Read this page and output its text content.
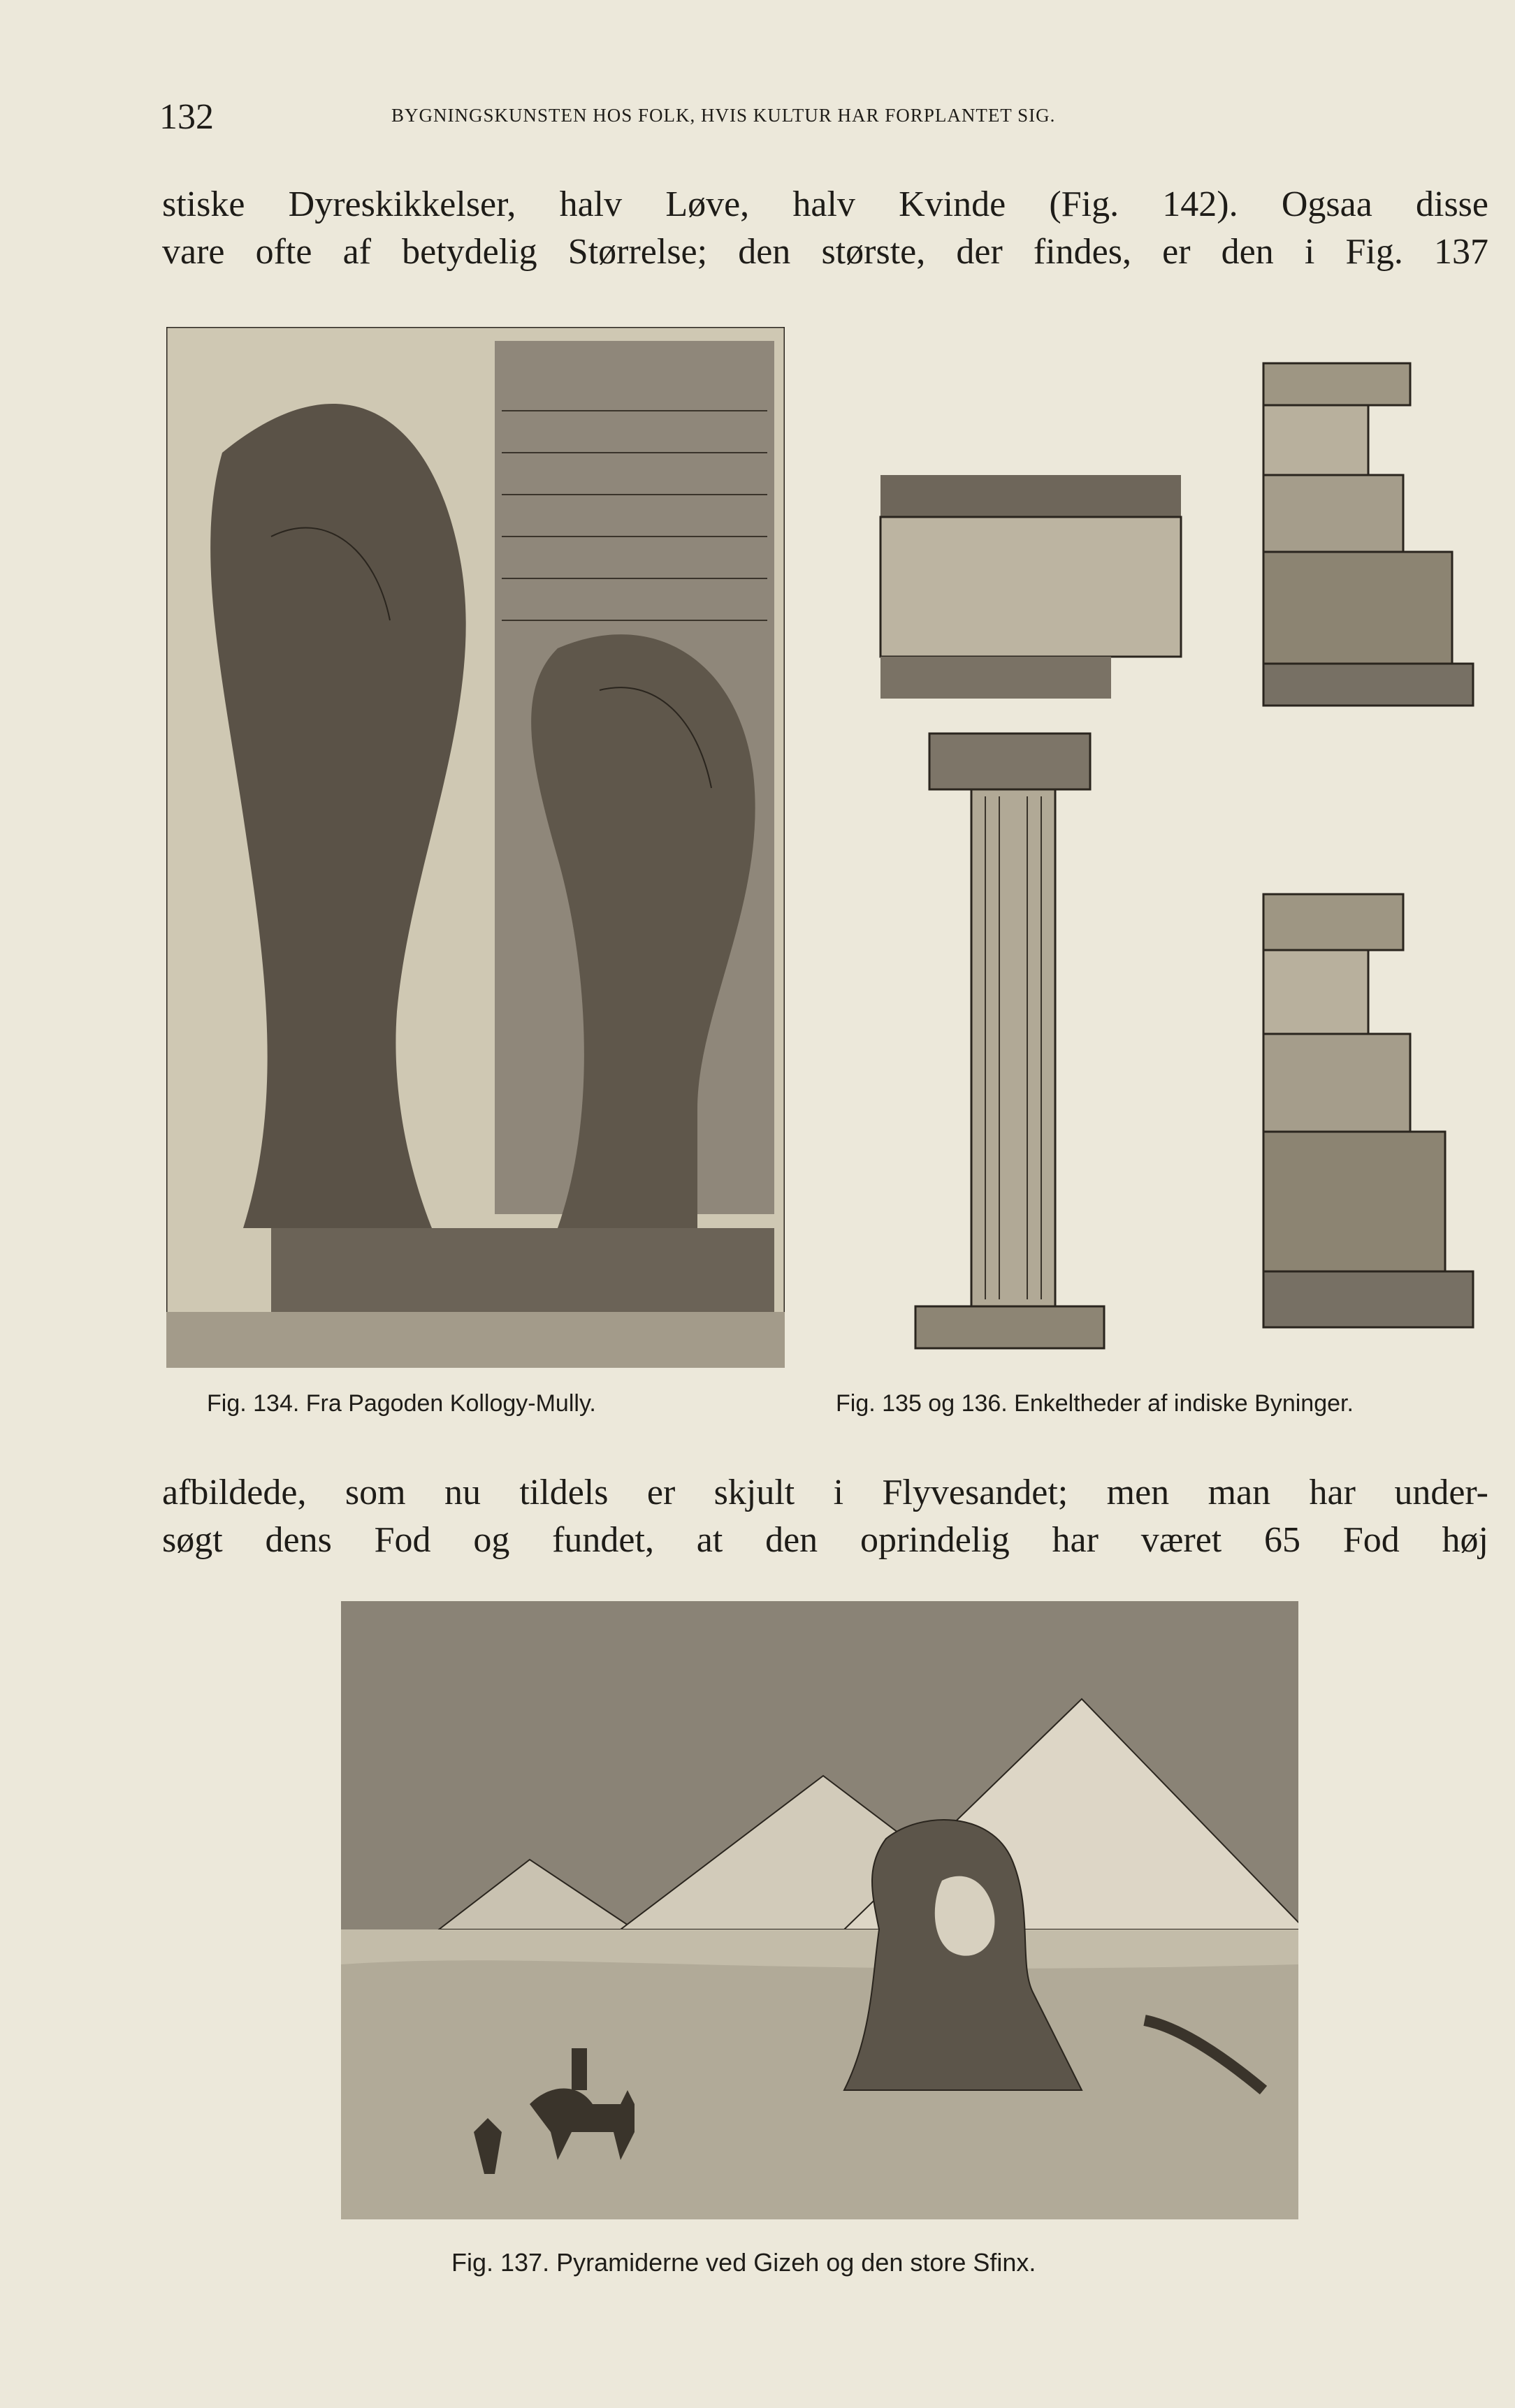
132	BYGNINGSKUNSTEN HOS FOLK, HVIS KULTUR HAR FORPLANTET SIG.
stiske Dyreskikkelser, halv Løve, halv Kvinde (Fig. 142). Ogsaa disse
vare ofte af betydelig Størrelse; den største, der findes, er den i Fig. 137
Fig. 134. Fra Pagoden Kollogy-Mully.	Fig. 135 og 136. Enkeltheder af indiske Byninger.
afbildede, som nu tildels er skjult i Flyvesandet; men man har under-
søgt dens Fod og fundet, at den oprindelig har været 65 Fod høj
Fig. 137. Pyramiderne ved Gizeh og den store Sfinx.
